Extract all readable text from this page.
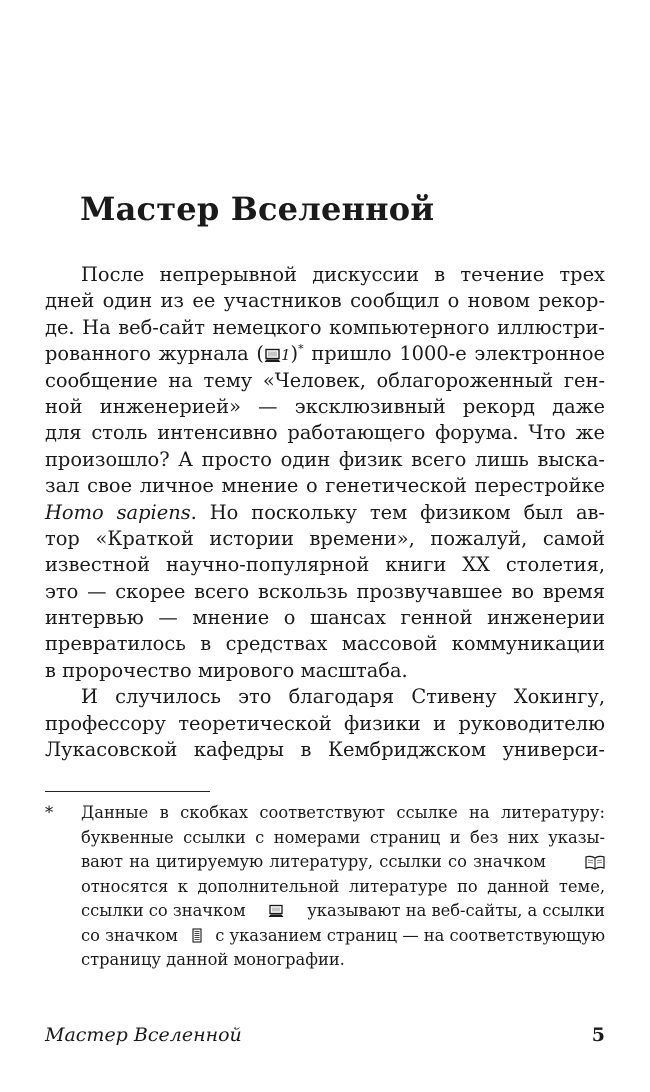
Мастер Вселенной
После непрерывной дискуссии в течение трех
дней один из ее участников сообщил о новом рекор-
де. На веб-сайт немецкого компьютерного иллюстри-
рованного журнала ( 1)* пришло 1000-е электронное
сообщение на тему «Человек, облагороженный ген-
ной инженерией» — эксклюзивный рекорд даже
для столь интенсивно работающего форума. Что же
произошло? А просто один физик всего лишь выска-
зал свое личное мнение о генетической перестройке
Homo sapiens. Но поскольку тем физиком был ав-
тор «Краткой истории времени», пожалуй, самой
известной научно-популярной книги XX столетия,
это — скорее всего вскользь прозвучавшее во время
интервью — мнение о шансах генной инженерии
превратилось в средствах массовой коммуникации
в пророчество мирового масштаба.
И случилось это благодаря Стивену Хокингу,
профессору теоретической физики и руководителю
Лукасовской кафедры в Кембриджском универси-
* Данные в скобках соответствуют ссылке на литературу:
буквенные ссылки с номерами страниц и без них указы-
вают на цитируемую литературу, ссылки со значком
относятся к дополнительной литературе по данной теме,
ссылки со значком	указывают на веб-сайты, а ссылки
со значком с указанием страниц — на соответствующую
страницу данной монографии.
Мастер Вселенной	5
